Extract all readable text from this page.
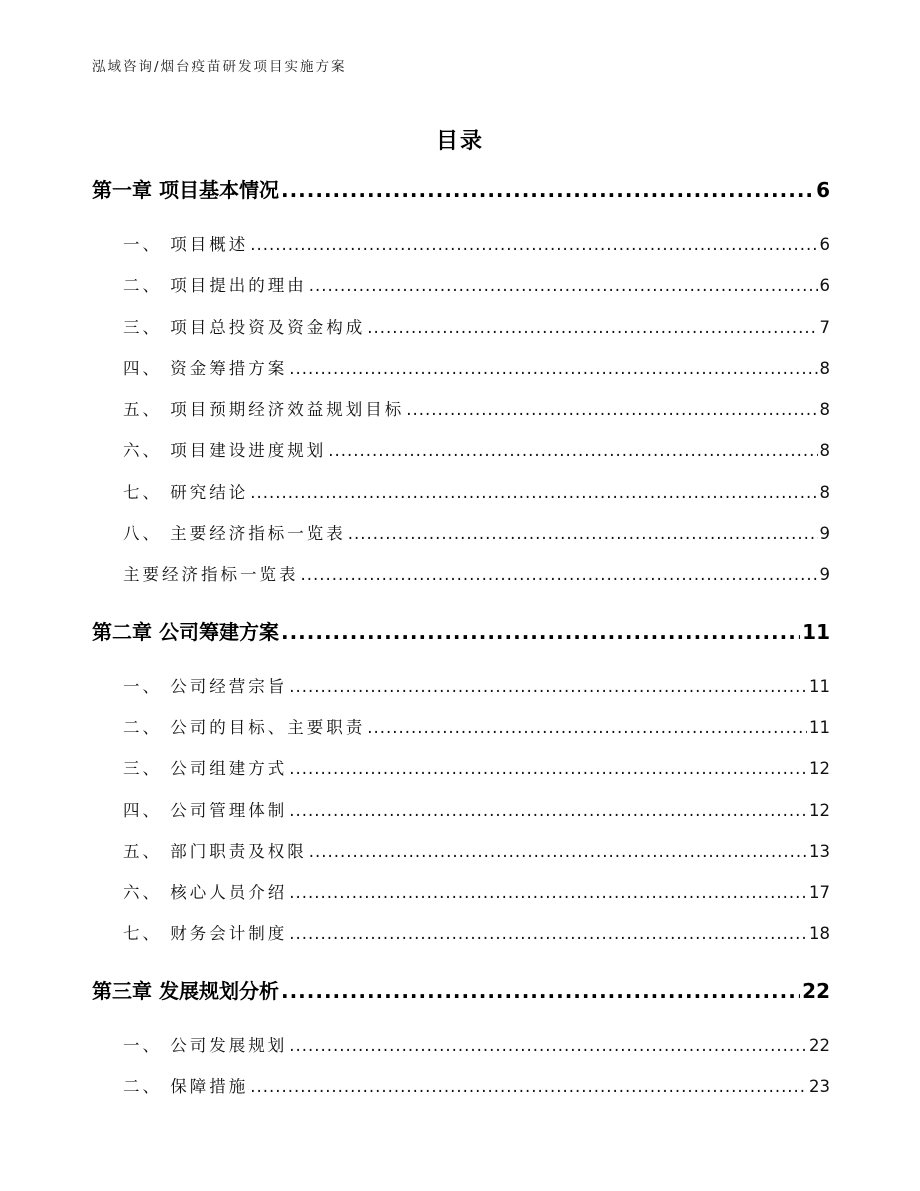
泓域咨询/烟台疫苗研发项目实施方案
目录
第一章 项目基本情况 .....	6
一、 项目概述 .....	6
二、 项目提出的理由 .....	6
三、 项目总投资及资金构成 .....	7
四、 资金筹措方案 .....	8
五、 项目预期经济效益规划目标 .....	8
六、 项目建设进度规划 .....	8
七、 研究结论 .....	8
八、 主要经济指标一览表 .....	9
主要经济指标一览表 .....	9
第二章 公司筹建方案 .....	11
一、 公司经营宗旨 .....	11
二、 公司的目标、主要职责 .....	11
三、 公司组建方式 .....	12
四、 公司管理体制 .....	12
五、 部门职责及权限 .....	13
六、 核心人员介绍 .....	17
七、 财务会计制度 .....	18
第三章 发展规划分析 .....	22
一、 公司发展规划 .....	22
二、 保障措施 .....	23
